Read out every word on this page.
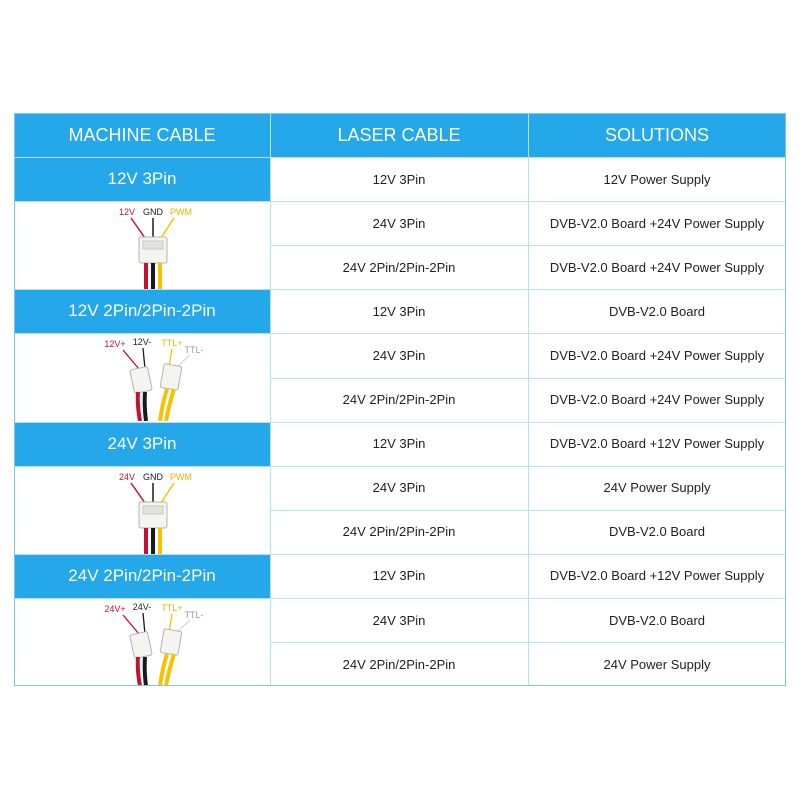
MACHINE CABLE	LASER CABLE	SOLUTIONS
12V 3Pin
12V GND PWM
12V 3Pin	12V Power Supply
24V 3Pin	DVB-V2.0 Board +24V Power Supply
24V 2Pin/2Pin-2Pin	DVB-V2.0 Board +24V Power Supply
12V 2Pin/2Pin-2Pin
12V+ 12V- TTL+
TTL-
12V 3Pin	DVB-V2.0 Board
24V 3Pin	DVB-V2.0 Board +24V Power Supply
24V 2Pin/2Pin-2Pin	DVB-V2.0 Board +24V Power Supply
24V 3Pin
24V GND PWM
12V 3Pin	DVB-V2.0 Board +12V Power Supply
24V 3Pin	24V Power Supply
24V 2Pin/2Pin-2Pin	DVB-V2.0 Board
24V 2Pin/2Pin-2Pin
24V+ 24V- TTL+
TTL-
12V 3Pin	DVB-V2.0 Board +12V Power Supply
24V 3Pin	DVB-V2.0 Board
24V 2Pin/2Pin-2Pin	24V Power Supply
